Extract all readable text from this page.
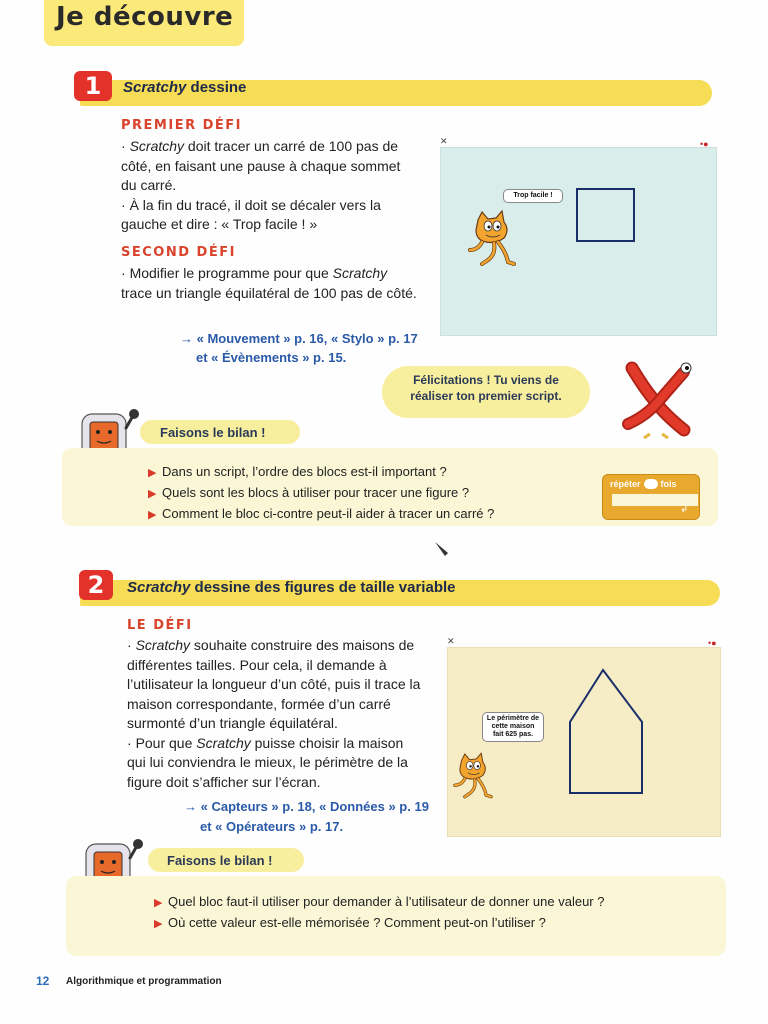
Je découvre
1	Scratchy dessine
PREMIER DÉFI
· Scratchy doit tracer un carré de 100 pas de côté, en faisant une pause à chaque sommet du carré.
· À la fin du tracé, il doit se décaler vers la gauche et dire : « Trop facile ! »
SECOND DÉFI
· Modifier le programme pour que Scratchy trace un triangle équilatéral de 100 pas de côté.
→ « Mouvement » p. 16, « Stylo » p. 17
et « Évènements » p. 15.
✕	•●
Trop facile !
Félicitations ! Tu viens de
réaliser ton premier script.
Faisons le bilan !
▶ Dans un script, l’ordre des blocs est-il important ?
▶ Quels sont les blocs à utiliser pour tracer une figure ?
▶ Comment le bloc ci-contre peut-il aider à tracer un carré ?
répéter fois
↲
2	Scratchy dessine des figures de taille variable
LE DÉFI
· Scratchy souhaite construire des maisons de différentes tailles. Pour cela, il demande à l’utilisateur la longueur d’un côté, puis il trace la maison correspondante, formée d’un carré surmonté d’un triangle équilatéral.
· Pour que Scratchy puisse choisir la maison qui lui conviendra le mieux, le périmètre de la figure doit s’afficher sur l’écran.
→ « Capteurs » p. 18, « Données » p. 19
et « Opérateurs » p. 17.
✕	•●
Le périmètre de cette maison fait 625 pas.
Faisons le bilan !
▶ Quel bloc faut-il utiliser pour demander à l’utilisateur de donner une valeur ?
▶ Où cette valeur est-elle mémorisée ? Comment peut-on l’utiliser ?
12 Algorithmique et programmation
